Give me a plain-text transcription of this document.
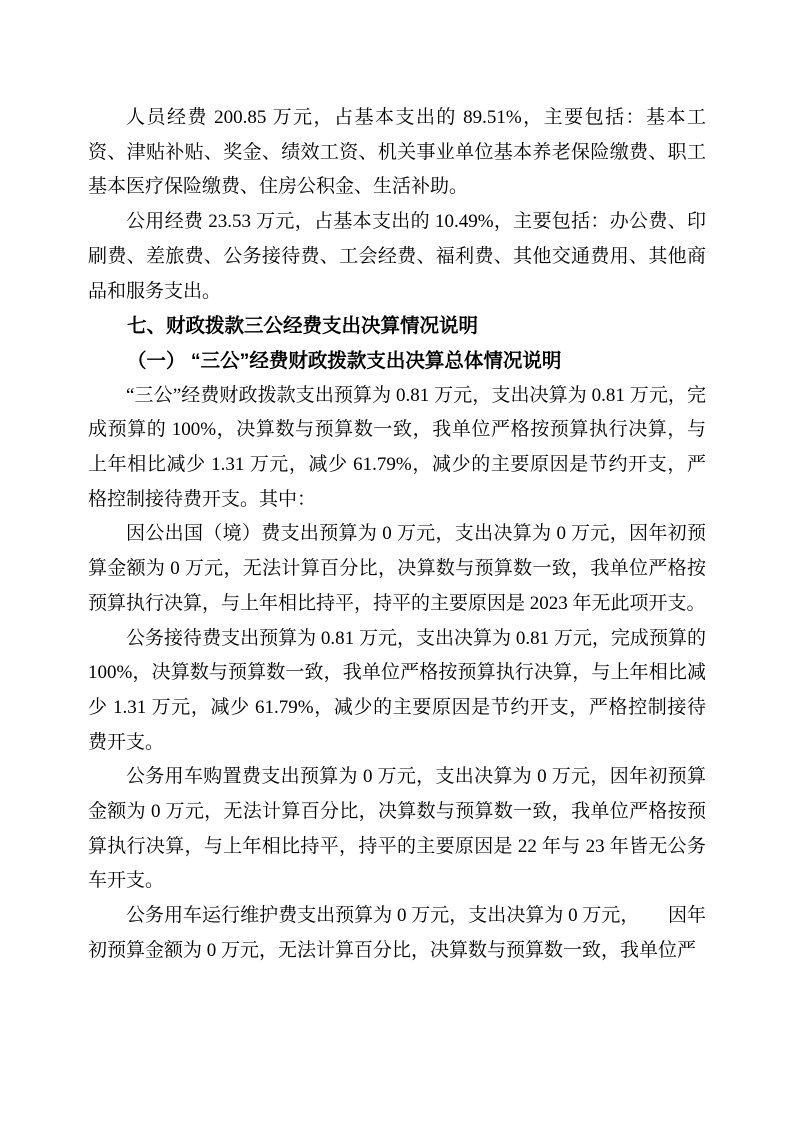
人员经费 200.85 万元，占基本支出的 89.51%，主要包括：基本工资、津贴补贴、奖金、绩效工资、机关事业单位基本养老保险缴费、职工基本医疗保险缴费、住房公积金、生活补助。

公用经费 23.53 万元，占基本支出的 10.49%，主要包括：办公费、印刷费、差旅费、公务接待费、工会经费、福利费、其他交通费用、其他商品和服务支出。

七、财政拨款三公经费支出决算情况说明

（一） “三公”经费财政拨款支出决算总体情况说明

“三公”经费财政拨款支出预算为 0.81 万元，支出决算为 0.81 万元，完成预算的 100%，决算数与预算数一致，我单位严格按预算执行决算，与上年相比减少 1.31 万元，减少 61.79%，减少的主要原因是节约开支，严格控制接待费开支。其中：

因公出国（境）费支出预算为 0 万元，支出决算为 0 万元，因年初预算金额为 0 万元，无法计算百分比，决算数与预算数一致，我单位严格按预算执行决算，与上年相比持平，持平的主要原因是 2023 年无此项开支。

公务接待费支出预算为 0.81 万元，支出决算为 0.81 万元，完成预算的 100%，决算数与预算数一致，我单位严格按预算执行决算，与上年相比减少 1.31 万元，减少 61.79%，减少的主要原因是节约开支，严格控制接待费开支。

公务用车购置费支出预算为 0 万元，支出决算为 0 万元，因年初预算金额为 0 万元，无法计算百分比，决算数与预算数一致，我单位严格按预算执行决算，与上年相比持平，持平的主要原因是 22 年与 23 年皆无公务车开支。

公务用车运行维护费支出预算为 0 万元，支出决算为 0 万元，　　因年初预算金额为 0 万元，无法计算百分比，决算数与预算数一致，我单位严
